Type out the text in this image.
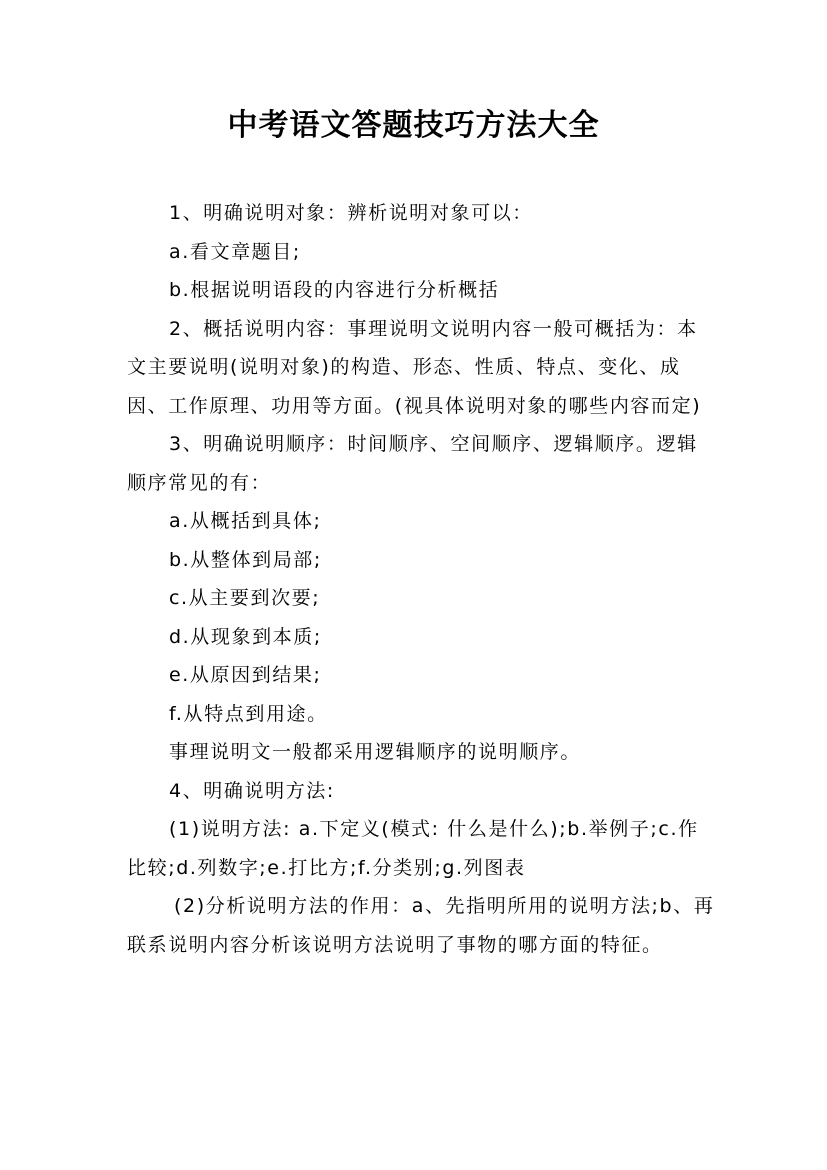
中考语文答题技巧方法大全

1、明确说明对象：辨析说明对象可以：

a.看文章题目;

b.根据说明语段的内容进行分析概括

2、概括说明内容：事理说明文说明内容一般可概括为：本文主要说明(说明对象)的构造、形态、性质、特点、变化、成因、工作原理、功用等方面。(视具体说明对象的哪些内容而定)

3、明确说明顺序：时间顺序、空间顺序、逻辑顺序。逻辑顺序常见的有：

a.从概括到具体;

b.从整体到局部;

c.从主要到次要;

d.从现象到本质;

e.从原因到结果;

f.从特点到用途。

事理说明文一般都采用逻辑顺序的说明顺序。

4、明确说明方法:

(1)说明方法: a.下定义(模式: 什么是什么);b.举例子;c.作比较;d.列数字;e.打比方;f.分类别;g.列图表

(2)分析说明方法的作用：a、先指明所用的说明方法;b、再联系说明内容分析该说明方法说明了事物的哪方面的特征。
